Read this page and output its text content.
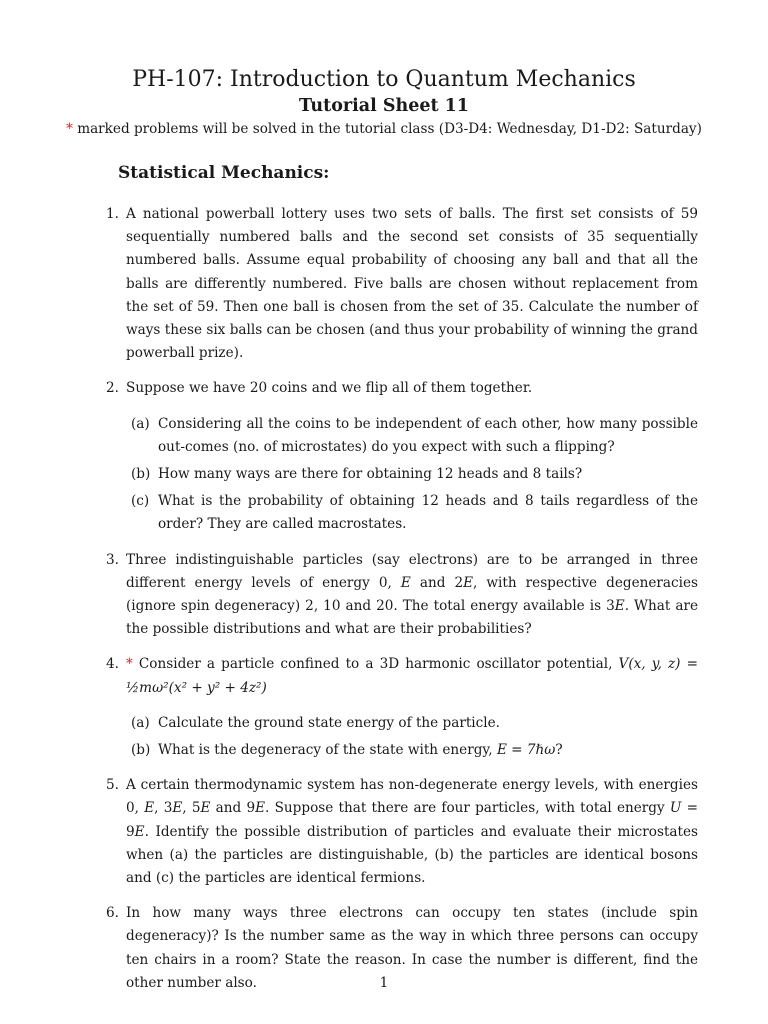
PH-107: Introduction to Quantum Mechanics
Tutorial Sheet 11
* marked problems will be solved in the tutorial class (D3-D4: Wednesday, D1-D2: Saturday)
Statistical Mechanics:
1. A national powerball lottery uses two sets of balls. The first set consists of 59 sequentially numbered balls and the second set consists of 35 sequentially numbered balls. Assume equal probability of choosing any ball and that all the balls are differently numbered. Five balls are chosen without replacement from the set of 59. Then one ball is chosen from the set of 35. Calculate the number of ways these six balls can be chosen (and thus your probability of winning the grand powerball prize).
2. Suppose we have 20 coins and we flip all of them together.
(a) Considering all the coins to be independent of each other, how many possible out-comes (no. of microstates) do you expect with such a flipping?
(b) How many ways are there for obtaining 12 heads and 8 tails?
(c) What is the probability of obtaining 12 heads and 8 tails regardless of the order? They are called macrostates.
3. Three indistinguishable particles (say electrons) are to be arranged in three different energy levels of energy 0, E and 2E, with respective degeneracies (ignore spin degeneracy) 2, 10 and 20. The total energy available is 3E. What are the possible distributions and what are their probabilities?
4. * Consider a particle confined to a 3D harmonic oscillator potential, V(x, y, z) = ½mω²(x² + y² + 4z²)
(a) Calculate the ground state energy of the particle.
(b) What is the degeneracy of the state with energy, E = 7ℏω?
5. A certain thermodynamic system has non-degenerate energy levels, with energies 0, E, 3E, 5E and 9E. Suppose that there are four particles, with total energy U = 9E. Identify the possible distribution of particles and evaluate their microstates when (a) the particles are distinguishable, (b) the particles are identical bosons and (c) the particles are identical fermions.
6. In how many ways three electrons can occupy ten states (include spin degeneracy)? Is the number same as the way in which three persons can occupy ten chairs in a room? State the reason. In case the number is different, find the other number also.	1
